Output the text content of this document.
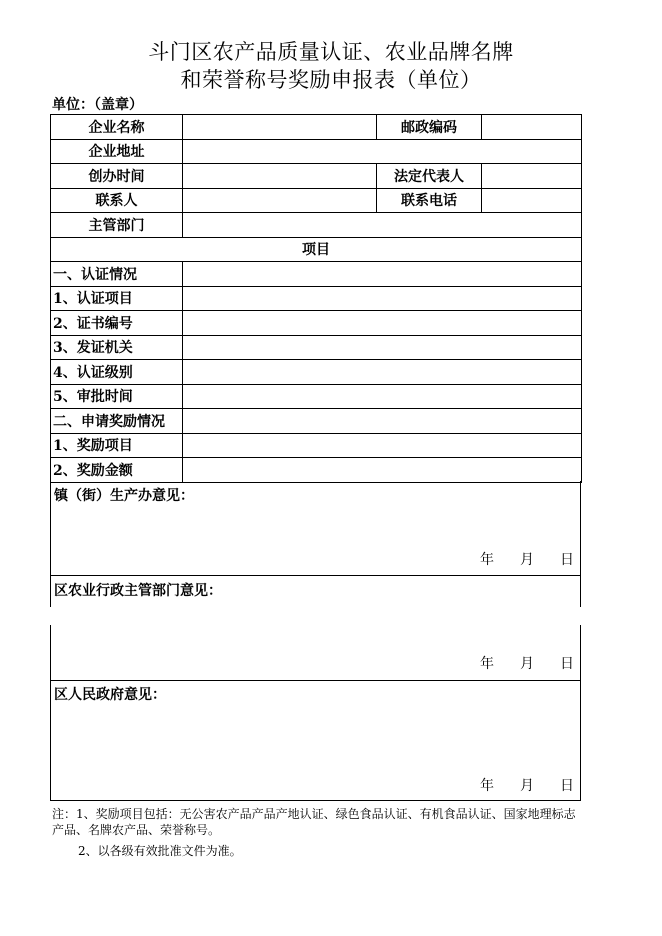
斗门区农产品质量认证、农业品牌名牌
和荣誉称号奖励申报表（单位）
单位：（盖章）
企业名称		邮政编码	
企业地址			
创办时间		法定代表人	
联系人		联系电话	
主管部门			
项目			
一、认证情况			
1、认证项目			
2、证书编号			
3、发证机关			
4、认证级别			
5、审批时间			
二、申请奖励情况			
1、奖励项目			
2、奖励金额			
镇（街）生产办意见：
年 月 日
区农业行政主管部门意见：
年 月 日
区人民政府意见：
年 月 日
注：1、奖励项目包括：无公害农产品产品产地认证、绿色食品认证、有机食品认证、国家地理标志产品、名牌农产品、荣誉称号。
2、以各级有效批准文件为准。
